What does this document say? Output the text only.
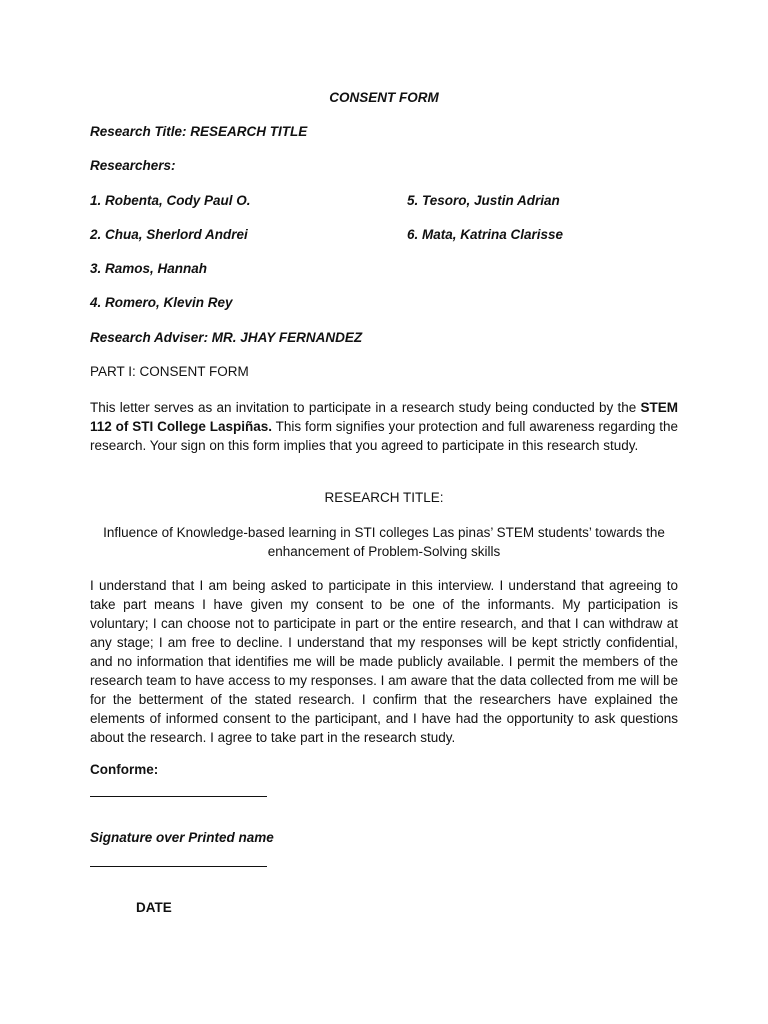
CONSENT FORM
Research Title: RESEARCH TITLE
Researchers:
1. Robenta, Cody Paul O.	5. Tesoro, Justin Adrian
2. Chua, Sherlord Andrei	6. Mata, Katrina Clarisse
3. Ramos, Hannah
4. Romero, Klevin Rey
Research Adviser: MR. JHAY FERNANDEZ
PART I: CONSENT FORM
This letter serves as an invitation to participate in a research study being conducted by the STEM 112 of STI College Laspiñas. This form signifies your protection and full awareness regarding the research. Your sign on this form implies that you agreed to participate in this research study.
RESEARCH TITLE:
Influence of Knowledge-based learning in STI colleges Las pinas’ STEM students’ towards the enhancement of Problem-Solving skills
I understand that I am being asked to participate in this interview. I understand that agreeing to take part means I have given my consent to be one of the informants. My participation is voluntary; I can choose not to participate in part or the entire research, and that I can withdraw at any stage; I am free to decline. I understand that my responses will be kept strictly confidential, and no information that identifies me will be made publicly available. I permit the members of the research team to have access to my responses. I am aware that the data collected from me will be for the betterment of the stated research. I confirm that the researchers have explained the elements of informed consent to the participant, and I have had the opportunity to ask questions about the research. I agree to take part in the research study.
Conforme:
Signature over Printed name
DATE
